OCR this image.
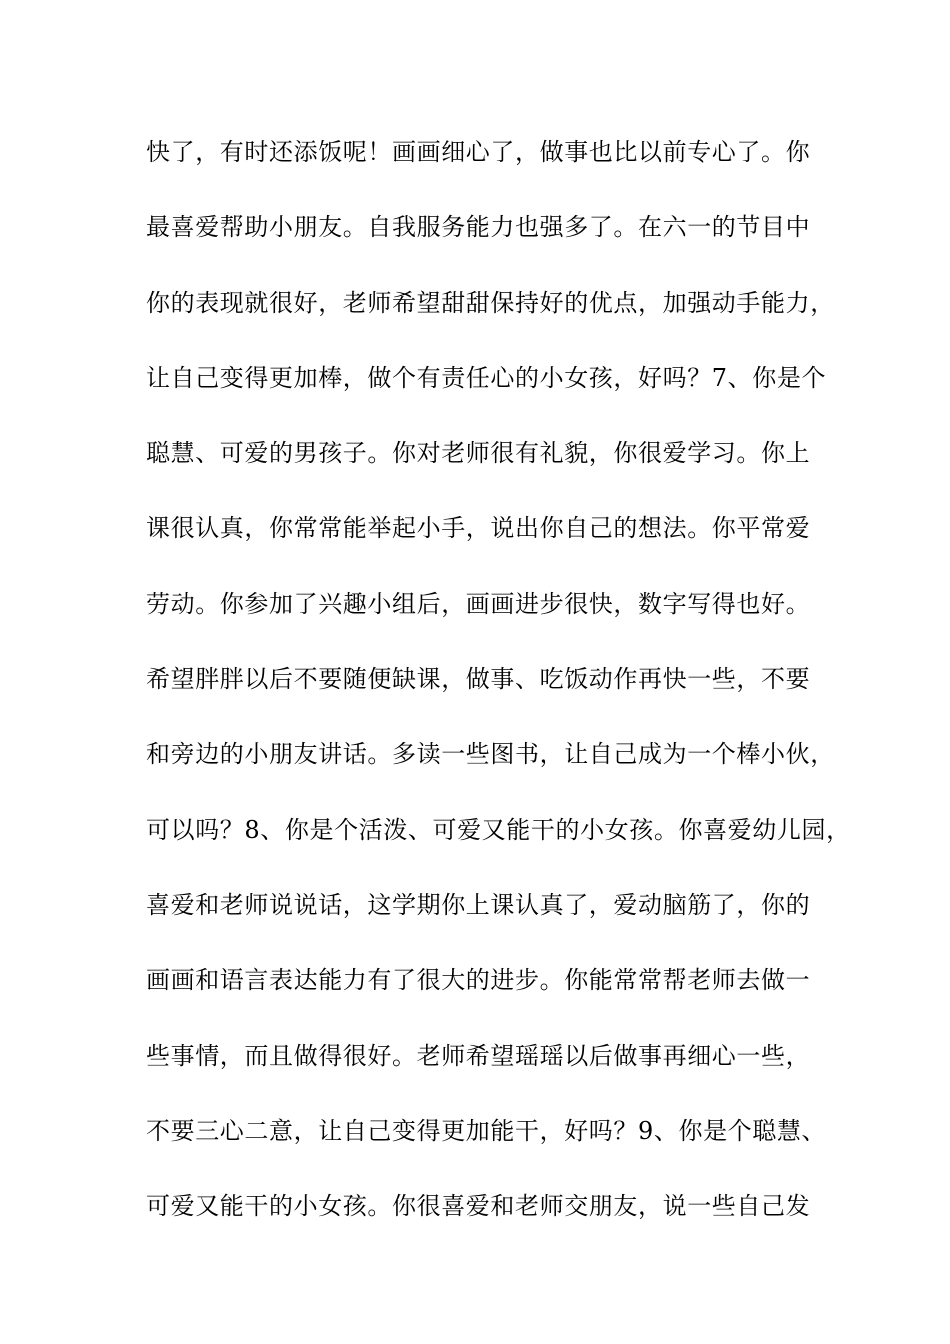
快了，有时还添饭呢！画画细心了，做事也比以前专心了。你
最喜爱帮助小朋友。自我服务能力也强多了。在六一的节目中
你的表现就很好，老师希望甜甜保持好的优点，加强动手能力，
让自己变得更加棒，做个有责任心的小女孩，好吗？7、你是个
聪慧、可爱的男孩子。你对老师很有礼貌，你很爱学习。你上
课很认真，你常常能举起小手，说出你自己的想法。你平常爱
劳动。你参加了兴趣小组后，画画进步很快，数字写得也好。
希望胖胖以后不要随便缺课，做事、吃饭动作再快一些，不要
和旁边的小朋友讲话。多读一些图书，让自己成为一个棒小伙，
可以吗？8、你是个活泼、可爱又能干的小女孩。你喜爱幼儿园，
喜爱和老师说说话，这学期你上课认真了，爱动脑筋了，你的
画画和语言表达能力有了很大的进步。你能常常帮老师去做一
些事情，而且做得很好。老师希望瑶瑶以后做事再细心一些，
不要三心二意，让自己变得更加能干，好吗？9、你是个聪慧、
可爱又能干的小女孩。你很喜爱和老师交朋友，说一些自己发
